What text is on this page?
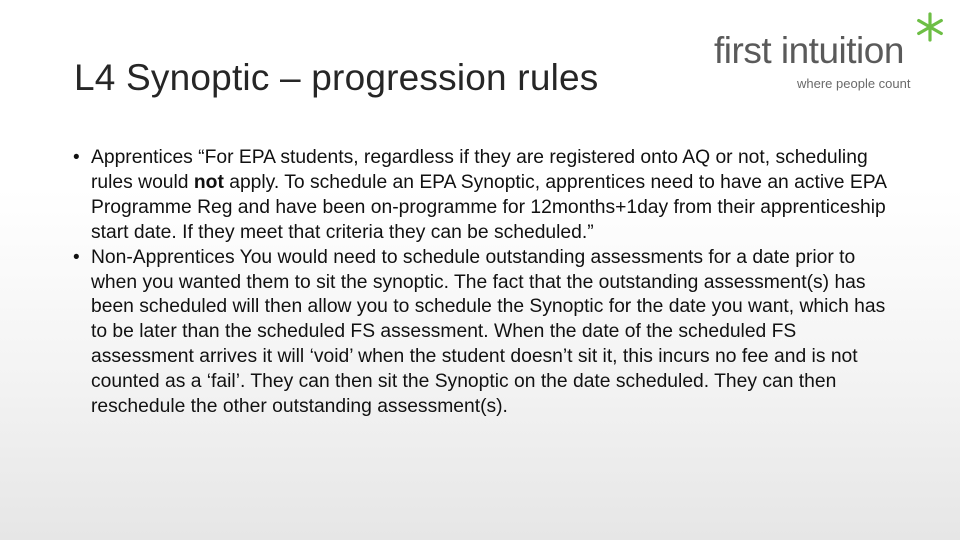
L4 Synoptic – progression rules
first intuition
where people count
• Apprentices “For EPA students, regardless if they are registered onto AQ or not, scheduling rules would not apply. To schedule an EPA Synoptic, apprentices need to have an active EPA Programme Reg and have been on-programme for 12months+1day from their apprenticeship start date. If they meet that criteria they can be scheduled.”
• Non-Apprentices You would need to schedule outstanding assessments for a date prior to when you wanted them to sit the synoptic. The fact that the outstanding assessment(s) has been scheduled will then allow you to schedule the Synoptic for the date you want, which has to be later than the scheduled FS assessment. When the date of the scheduled FS assessment arrives it will ‘void’ when the student doesn’t sit it, this incurs no fee and is not counted as a ‘fail’. They can then sit the Synoptic on the date scheduled. They can then reschedule the other outstanding assessment(s).
